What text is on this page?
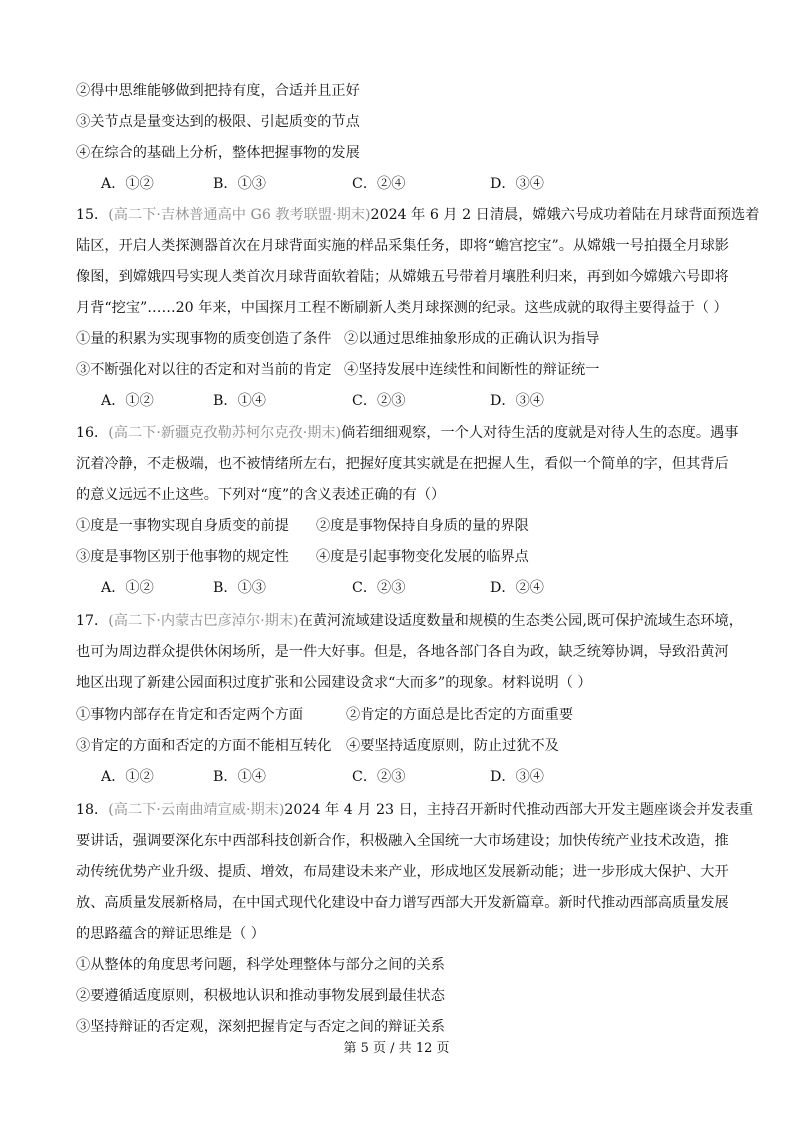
②得中思维能够做到把持有度，合适并且正好
③关节点是量变达到的极限、引起质变的节点
④在综合的基础上分析，整体把握事物的发展
A．①②	B．①③	C．②④	D．③④
15．(高二下·吉林普通高中 G6 教考联盟·期末)2024 年 6 月 2 日清晨，嫦娥六号成功着陆在月球背面预选着
陆区，开启人类探测器首次在月球背面实施的样品采集任务，即将“蟾宫挖宝”。从嫦娥一号拍摄全月球影
像图，到嫦娥四号实现人类首次月球背面软着陆；从嫦娥五号带着月壤胜利归来，再到如今嫦娥六号即将
月背“挖宝”……20 年来，中国探月工程不断刷新人类月球探测的纪录。这些成就的取得主要得益于（ ）
①量的积累为实现事物的质变创造了条件 ②以通过思维抽象形成的正确认识为指导
③不断强化对以往的否定和对当前的肯定 ④坚持发展中连续性和间断性的辩证统一
A．①②	B．①④	C．②③	D．③④
16．(高二下·新疆克孜勒苏柯尔克孜·期末)倘若细细观察，一个人对待生活的度就是对待人生的态度。遇事
沉着冷静，不走极端，也不被情绪所左右，把握好度其实就是在把握人生，看似一个简单的字，但其背后
的意义远远不止这些。下列对“度”的含义表述正确的有（）
①度是一事物实现自身质变的前提 ②度是事物保持自身质的量的界限
③度是事物区别于他事物的规定性 ④度是引起事物变化发展的临界点
A．①②	B．①③	C．②③	D．②④
17．(高二下·内蒙古巴彦淖尔·期末)在黄河流域建设适度数量和规模的生态类公园,既可保护流域生态环境，
也可为周边群众提供休闲场所，是一件大好事。但是，各地各部门各自为政，缺乏统筹协调，导致沿黄河
地区出现了新建公园面积过度扩张和公园建设贪求“大而多”的现象。材料说明（ ）
①事物内部存在肯定和否定两个方面	②肯定的方面总是比否定的方面重要
③肯定的方面和否定的方面不能相互转化 ④要坚持适度原则，防止过犹不及
A．①②	B．①④	C．②③	D．③④
18．(高二下·云南曲靖宣威·期末)2024 年 4 月 23 日，主持召开新时代推动西部大开发主题座谈会并发表重
要讲话，强调要深化东中西部科技创新合作，积极融入全国统一大市场建设；加快传统产业技术改造，推
动传统优势产业升级、提质、增效，布局建设未来产业，形成地区发展新动能；进一步形成大保护、大开
放、高质量发展新格局，在中国式现代化建设中奋力谱写西部大开发新篇章。新时代推动西部高质量发展
的思路蕴含的辩证思维是（ ）
①从整体的角度思考问题，科学处理整体与部分之间的关系
②要遵循适度原则，积极地认识和推动事物发展到最佳状态
③坚持辩证的否定观，深刻把握肯定与否定之间的辩证关系
第 5 页 / 共 12 页
